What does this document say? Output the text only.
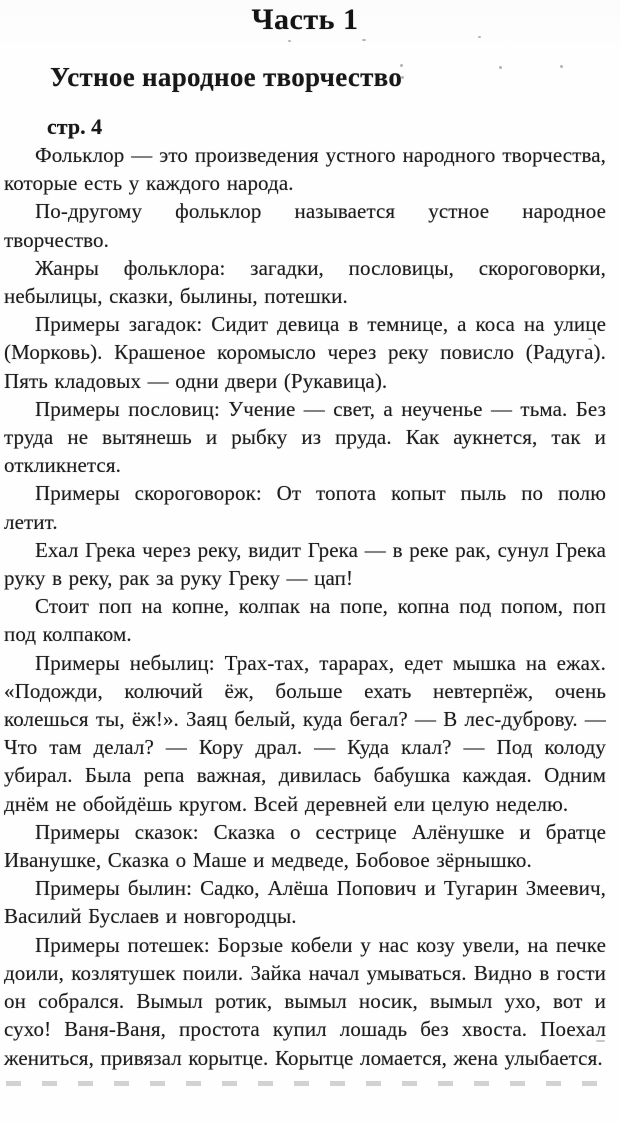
Часть 1
Устное народное творчество
стр. 4

Фольклор — это произведения устного народного творчества, которые есть у каждого народа.

По-другому фольклор называется устное народное творчество.

Жанры фольклора: загадки, пословицы, скороговорки, небылицы, сказки, былины, потешки.

Примеры загадок: Сидит девица в темнице, а коса на улице (Морковь). Крашеное коромысло через реку повисло (Радуга). Пять кладовых — одни двери (Рукавица).

Примеры пословиц: Учение — свет, а неученье — тьма. Без труда не вытянешь и рыбку из пруда. Как аукнется, так и откликнется.

Примеры скороговорок: От топота копыт пыль по полю летит.

Ехал Грека через реку, видит Грека — в реке рак, сунул Грека руку в реку, рак за руку Греку — цап!

Стоит поп на копне, колпак на попе, копна под попом, поп под колпаком.

Примеры небылиц: Трах-тах, тарарах, едет мышка на ежах. «Подожди, колючий ёж, больше ехать невтерпёж, очень колешься ты, ёж!». Заяц белый, куда бегал? — В лес-дуброву. — Что там делал? — Кору драл. — Куда клал? — Под колоду убирал. Была репа важная, дивилась бабушка каждая. Одним днём не обойдёшь кругом. Всей деревней ели целую неделю.

Примеры сказок: Сказка о сестрице Алёнушке и братце Иванушке, Сказка о Маше и медведе, Бобовое зёрнышко.

Примеры былин: Садко, Алёша Попович и Тугарин Змеевич, Василий Буслаев и новгородцы.

Примеры потешек: Борзые кобели у нас козу увели, на печке доили, козлятушек поили. Зайка начал умываться. Видно в гости он собрался. Вымыл ротик, вымыл носик, вымыл ухо, вот и сухо! Ваня-Ваня, простота купил лошадь без хвоста. Поехал жениться, привязал корытце. Корытце ломается, жена улыбается.
